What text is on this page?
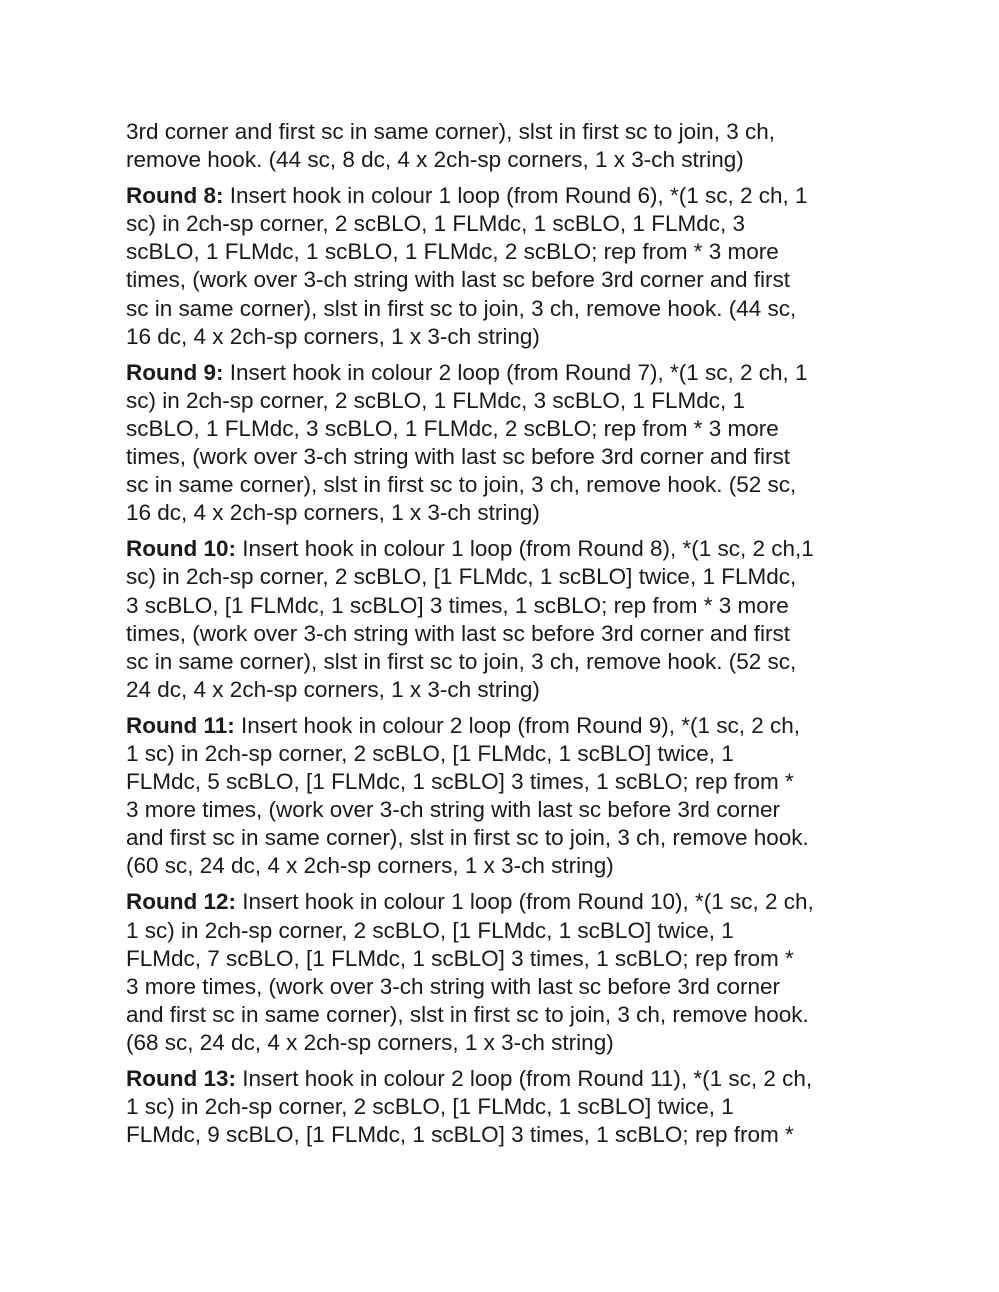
3rd corner and first sc in same corner), slst in first sc to join, 3 ch,
remove hook. (44 sc, 8 dc, 4 x 2ch-sp corners, 1 x 3-ch string)
Round 8: Insert hook in colour 1 loop (from Round 6), *(1 sc, 2 ch, 1
sc) in 2ch-sp corner, 2 scBLO, 1 FLMdc, 1 scBLO, 1 FLMdc, 3
scBLO, 1 FLMdc, 1 scBLO, 1 FLMdc, 2 scBLO; rep from * 3 more
times, (work over 3-ch string with last sc before 3rd corner and first
sc in same corner), slst in first sc to join, 3 ch, remove hook. (44 sc,
16 dc, 4 x 2ch-sp corners, 1 x 3-ch string)
Round 9: Insert hook in colour 2 loop (from Round 7), *(1 sc, 2 ch, 1
sc) in 2ch-sp corner, 2 scBLO, 1 FLMdc, 3 scBLO, 1 FLMdc, 1
scBLO, 1 FLMdc, 3 scBLO, 1 FLMdc, 2 scBLO; rep from * 3 more
times, (work over 3-ch string with last sc before 3rd corner and first
sc in same corner), slst in first sc to join, 3 ch, remove hook. (52 sc,
16 dc, 4 x 2ch-sp corners, 1 x 3-ch string)
Round 10: Insert hook in colour 1 loop (from Round 8), *(1 sc, 2 ch,1
sc) in 2ch-sp corner, 2 scBLO, [1 FLMdc, 1 scBLO] twice, 1 FLMdc,
3 scBLO, [1 FLMdc, 1 scBLO] 3 times, 1 scBLO; rep from * 3 more
times, (work over 3-ch string with last sc before 3rd corner and first
sc in same corner), slst in first sc to join, 3 ch, remove hook. (52 sc,
24 dc, 4 x 2ch-sp corners, 1 x 3-ch string)
Round 11: Insert hook in colour 2 loop (from Round 9), *(1 sc, 2 ch,
1 sc) in 2ch-sp corner, 2 scBLO, [1 FLMdc, 1 scBLO] twice, 1
FLMdc, 5 scBLO, [1 FLMdc, 1 scBLO] 3 times, 1 scBLO; rep from *
3 more times, (work over 3-ch string with last sc before 3rd corner
and first sc in same corner), slst in first sc to join, 3 ch, remove hook.
(60 sc, 24 dc, 4 x 2ch-sp corners, 1 x 3-ch string)
Round 12: Insert hook in colour 1 loop (from Round 10), *(1 sc, 2 ch,
1 sc) in 2ch-sp corner, 2 scBLO, [1 FLMdc, 1 scBLO] twice, 1
FLMdc, 7 scBLO, [1 FLMdc, 1 scBLO] 3 times, 1 scBLO; rep from *
3 more times, (work over 3-ch string with last sc before 3rd corner
and first sc in same corner), slst in first sc to join, 3 ch, remove hook.
(68 sc, 24 dc, 4 x 2ch-sp corners, 1 x 3-ch string)
Round 13: Insert hook in colour 2 loop (from Round 11), *(1 sc, 2 ch,
1 sc) in 2ch-sp corner, 2 scBLO, [1 FLMdc, 1 scBLO] twice, 1
FLMdc, 9 scBLO, [1 FLMdc, 1 scBLO] 3 times, 1 scBLO; rep from *
